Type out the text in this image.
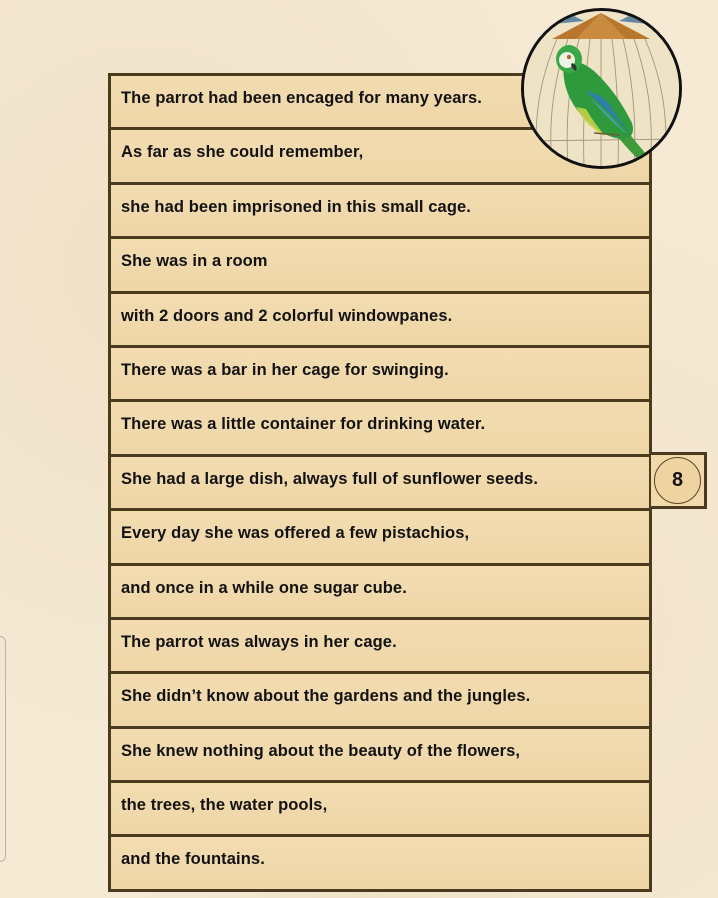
The parrot had been encaged for many years.
As far as she could remember,
she had been imprisoned in this small cage.
She was in a room
with 2 doors and 2 colorful windowpanes.
There was a bar in her cage for swinging.
There was a little container for drinking water.
She had a large dish, always full of sunflower seeds.
Every day she was offered a few pistachios,
and once in a while one sugar cube.
The parrot was always in her cage.
She didn’t know about the gardens and the jungles.
She knew nothing about the beauty of the flowers,
the trees, the water pools,
and the fountains.
8
